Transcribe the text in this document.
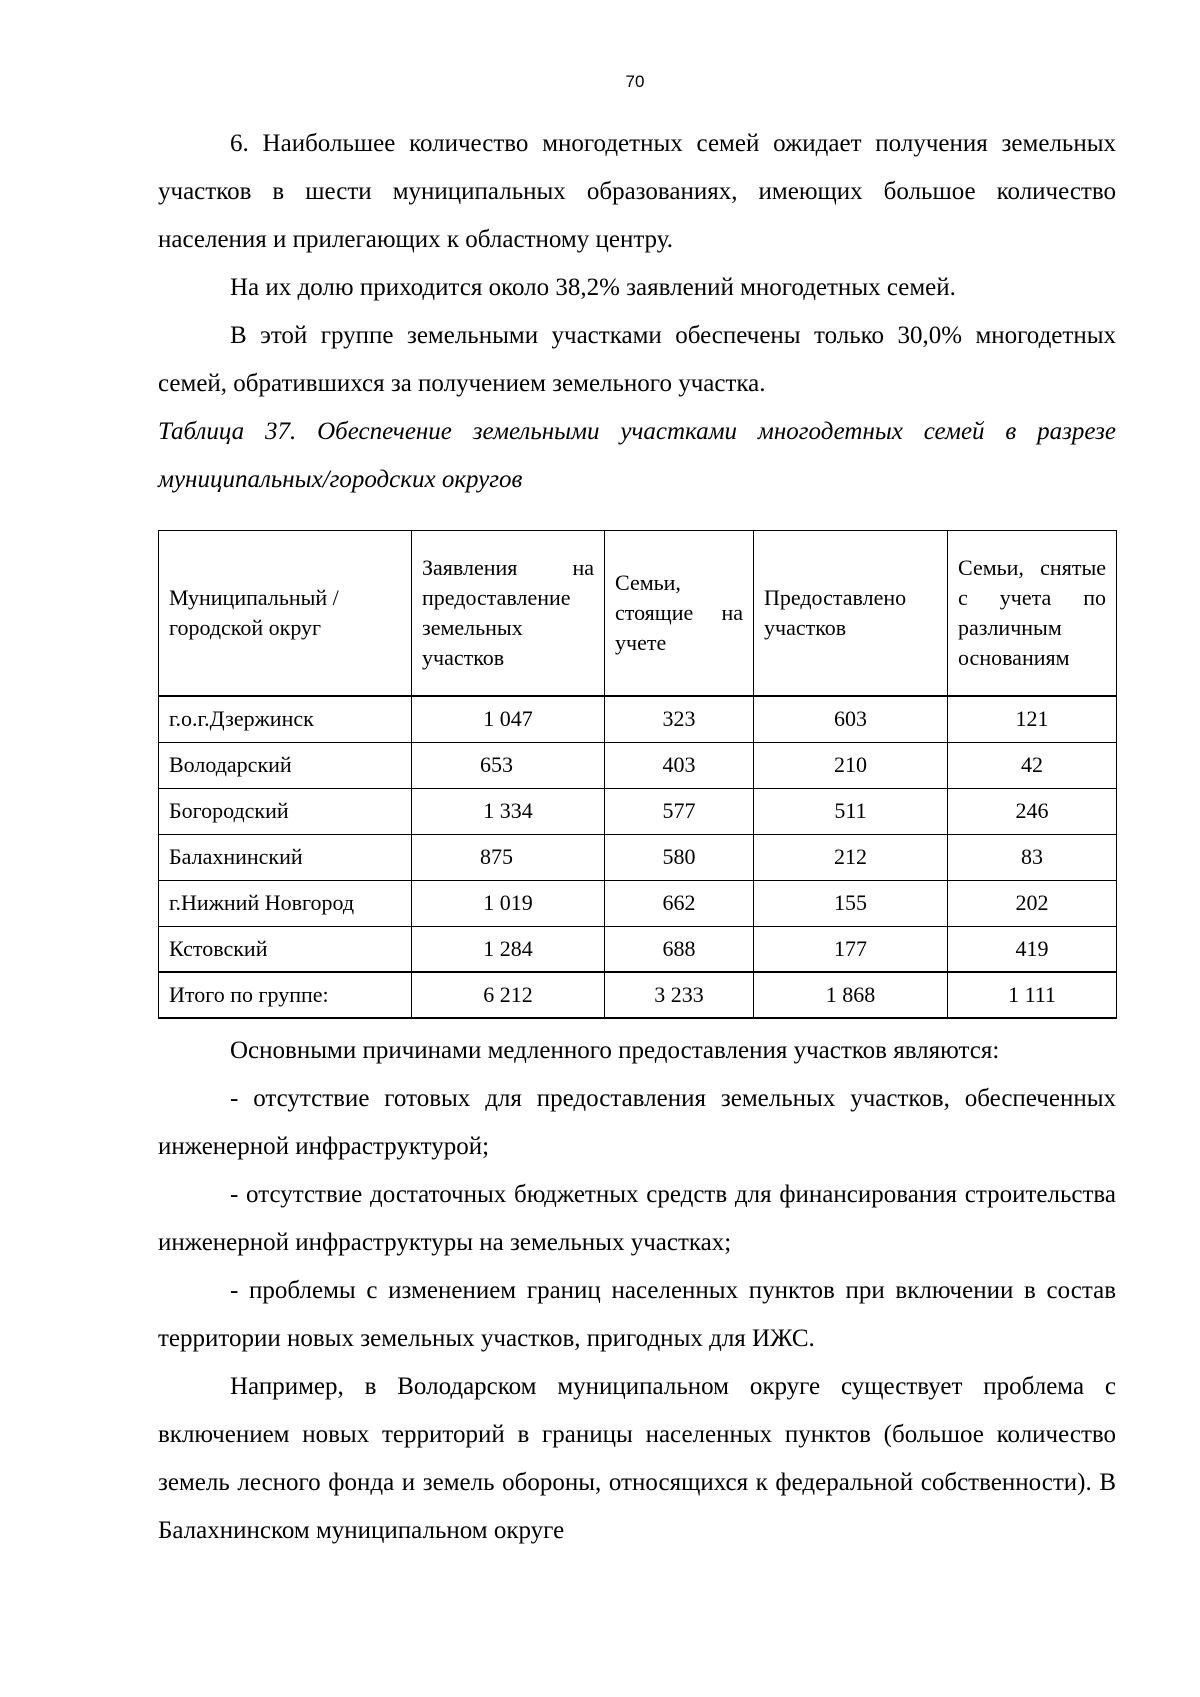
70

6. Наибольшее количество многодетных семей ожидает получения земельных участков в шести муниципальных образованиях, имеющих большое количество населения и прилегающих к областному центру.

На их долю приходится около 38,2% заявлений многодетных семей.

В этой группе земельными участками обеспечены только 30,0% многодетных семей, обратившихся за получением земельного участка.

Таблица 37. Обеспечение земельными участками многодетных семей в разрезе муниципальных/городских округов

Муниципальный /городской округ	Заявления на предоставление земельных участков	Семьи, стоящие на учете	Предоставлено участков	Семьи, снятые с учета по различным основаниям
г.о.г.Дзержинск	1 047	323	603	121
Володарский	653	403	210	42
Богородский	1 334	577	511	246
Балахнинский	875	580	212	83
г.Нижний Новгород	1 019	662	155	202
Кстовский	1 284	688	177	419
Итого по группе:	6 212	3 233	1 868	1 111

Основными причинами медленного предоставления участков являются:

- отсутствие готовых для предоставления земельных участков, обеспеченных инженерной инфраструктурой;

- отсутствие достаточных бюджетных средств для финансирования строительства инженерной инфраструктуры на земельных участках;

- проблемы с изменением границ населенных пунктов при включении в состав территории новых земельных участков, пригодных для ИЖС.

Например, в Володарском муниципальном округе существует проблема с включением новых территорий в границы населенных пунктов (большое количество земель лесного фонда и земель обороны, относящихся к федеральной собственности). В Балахнинском муниципальном округе
